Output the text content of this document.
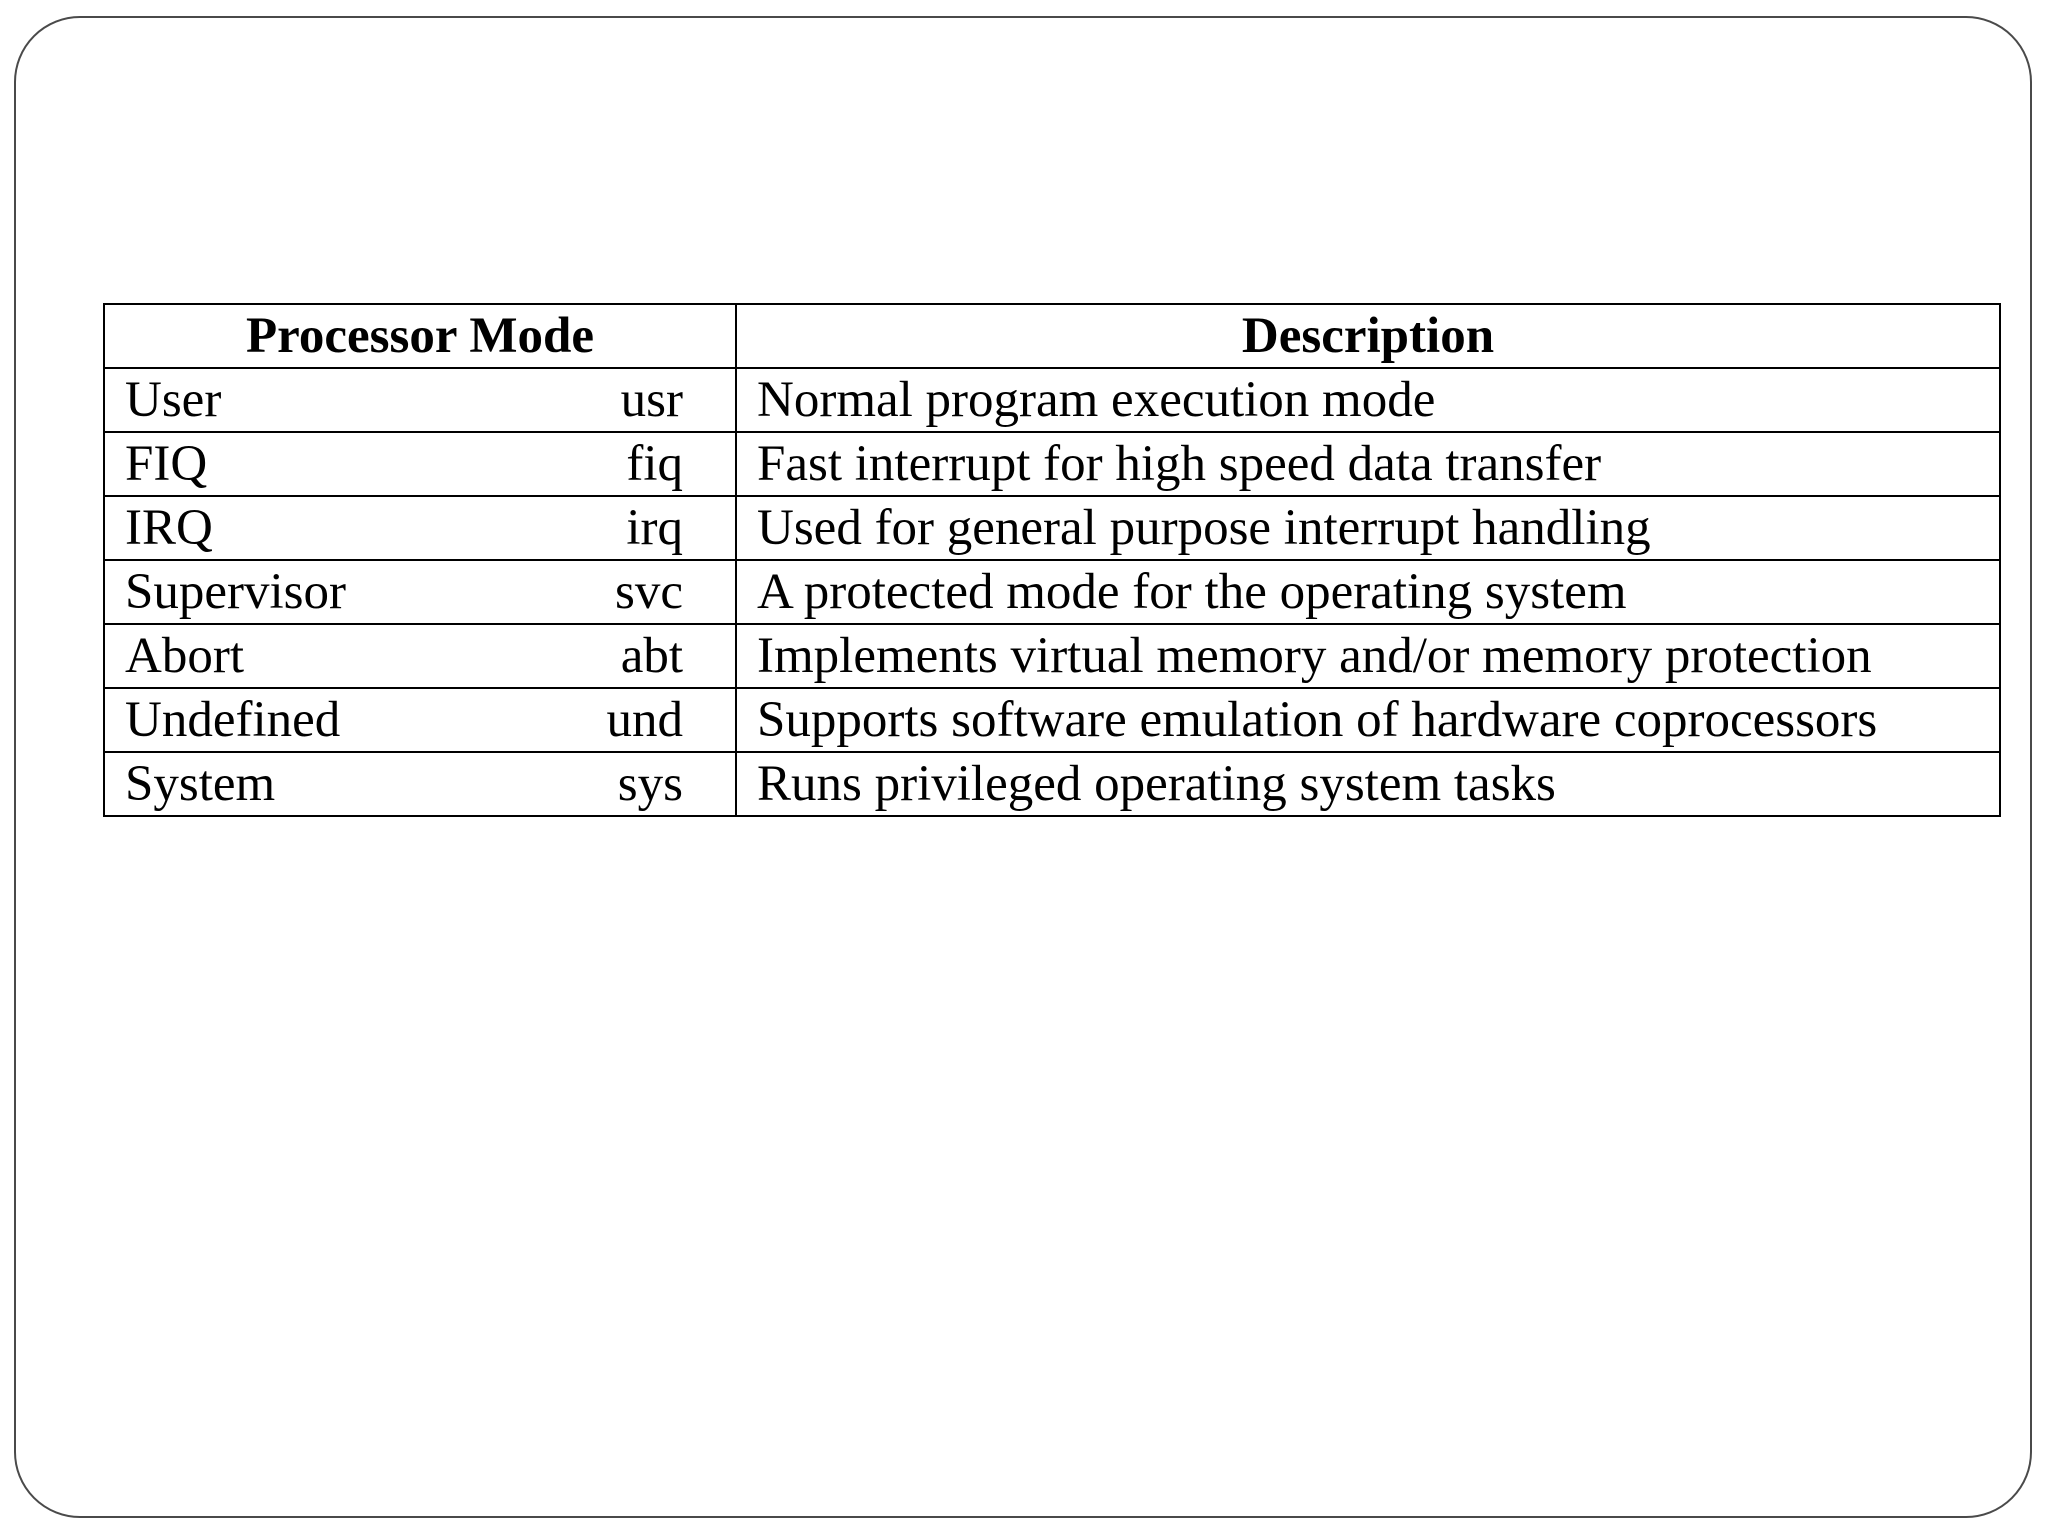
Processor Mode	Description

User usr	Normal program execution mode

FIQ fiq	Fast interrupt for high speed data transfer

IRQ irq	Used for general purpose interrupt handling

Supervisor svc	A protected mode for the operating system

Abort abt	Implements virtual memory and/or memory protection

Undefined und	Supports software emulation of hardware coprocessors

System sys	Runs privileged operating system tasks
